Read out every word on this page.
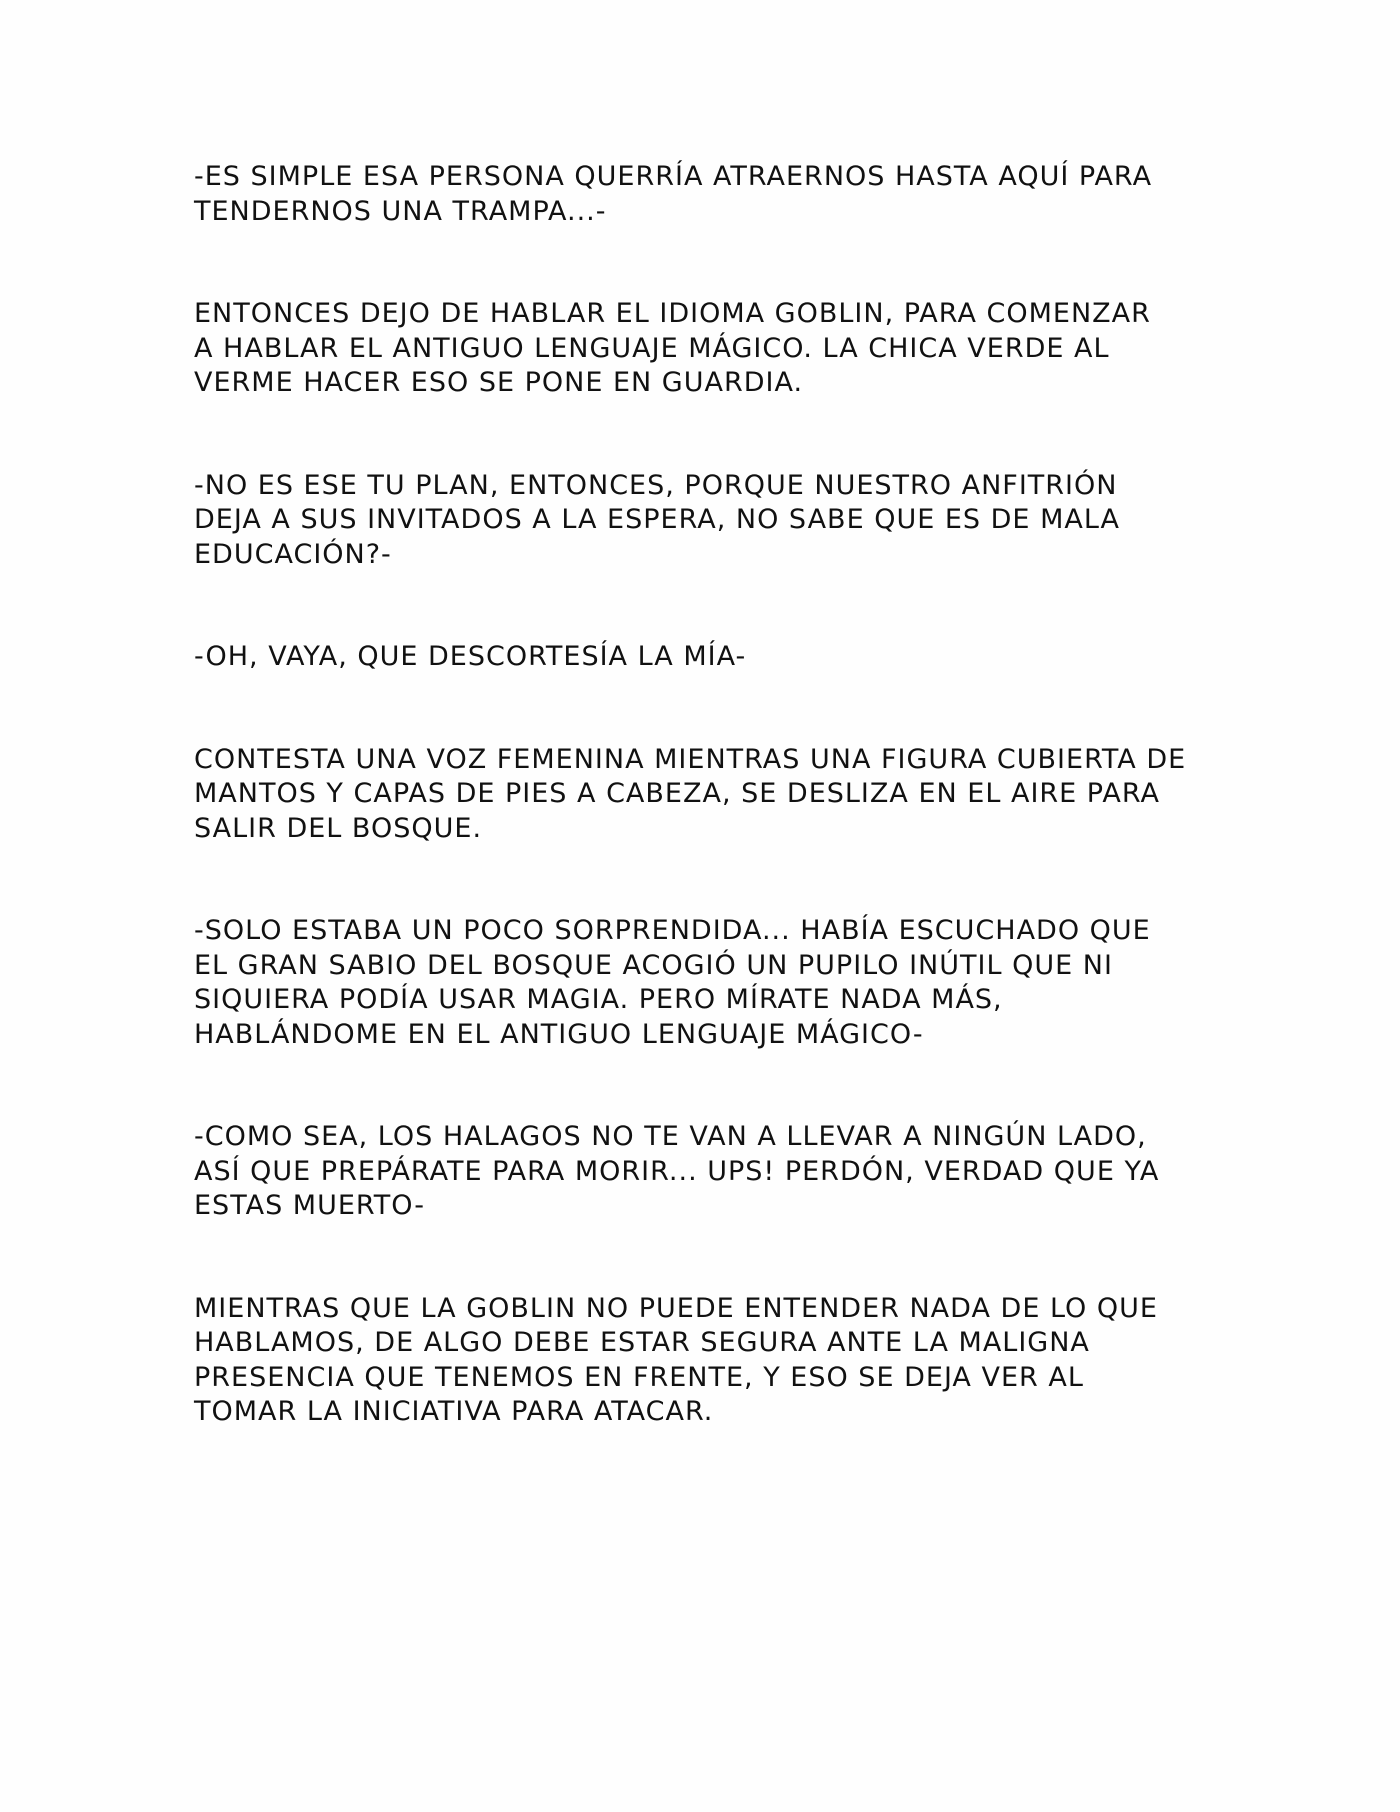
-ES SIMPLE ESA PERSONA QUERRÍA ATRAERNOS HASTA AQUÍ PARA
TENDERNOS UNA TRAMPA...-

ENTONCES DEJO DE HABLAR EL IDIOMA GOBLIN, PARA COMENZAR
A HABLAR EL ANTIGUO LENGUAJE MÁGICO. LA CHICA VERDE AL
VERME HACER ESO SE PONE EN GUARDIA.

-NO ES ESE TU PLAN, ENTONCES, PORQUE NUESTRO ANFITRIÓN
DEJA A SUS INVITADOS A LA ESPERA, NO SABE QUE ES DE MALA
EDUCACIÓN?-

-OH, VAYA, QUE DESCORTESÍA LA MÍA-

CONTESTA UNA VOZ FEMENINA MIENTRAS UNA FIGURA CUBIERTA DE
MANTOS Y CAPAS DE PIES A CABEZA, SE DESLIZA EN EL AIRE PARA
SALIR DEL BOSQUE.

-SOLO ESTABA UN POCO SORPRENDIDA... HABÍA ESCUCHADO QUE
EL GRAN SABIO DEL BOSQUE ACOGIÓ UN PUPILO INÚTIL QUE NI
SIQUIERA PODÍA USAR MAGIA. PERO MÍRATE NADA MÁS,
HABLÁNDOME EN EL ANTIGUO LENGUAJE MÁGICO-

-COMO SEA, LOS HALAGOS NO TE VAN A LLEVAR A NINGÚN LADO,
ASÍ QUE PREPÁRATE PARA MORIR... UPS! PERDÓN, VERDAD QUE YA
ESTAS MUERTO-

MIENTRAS QUE LA GOBLIN NO PUEDE ENTENDER NADA DE LO QUE
HABLAMOS, DE ALGO DEBE ESTAR SEGURA ANTE LA MALIGNA
PRESENCIA QUE TENEMOS EN FRENTE, Y ESO SE DEJA VER AL
TOMAR LA INICIATIVA PARA ATACAR.
